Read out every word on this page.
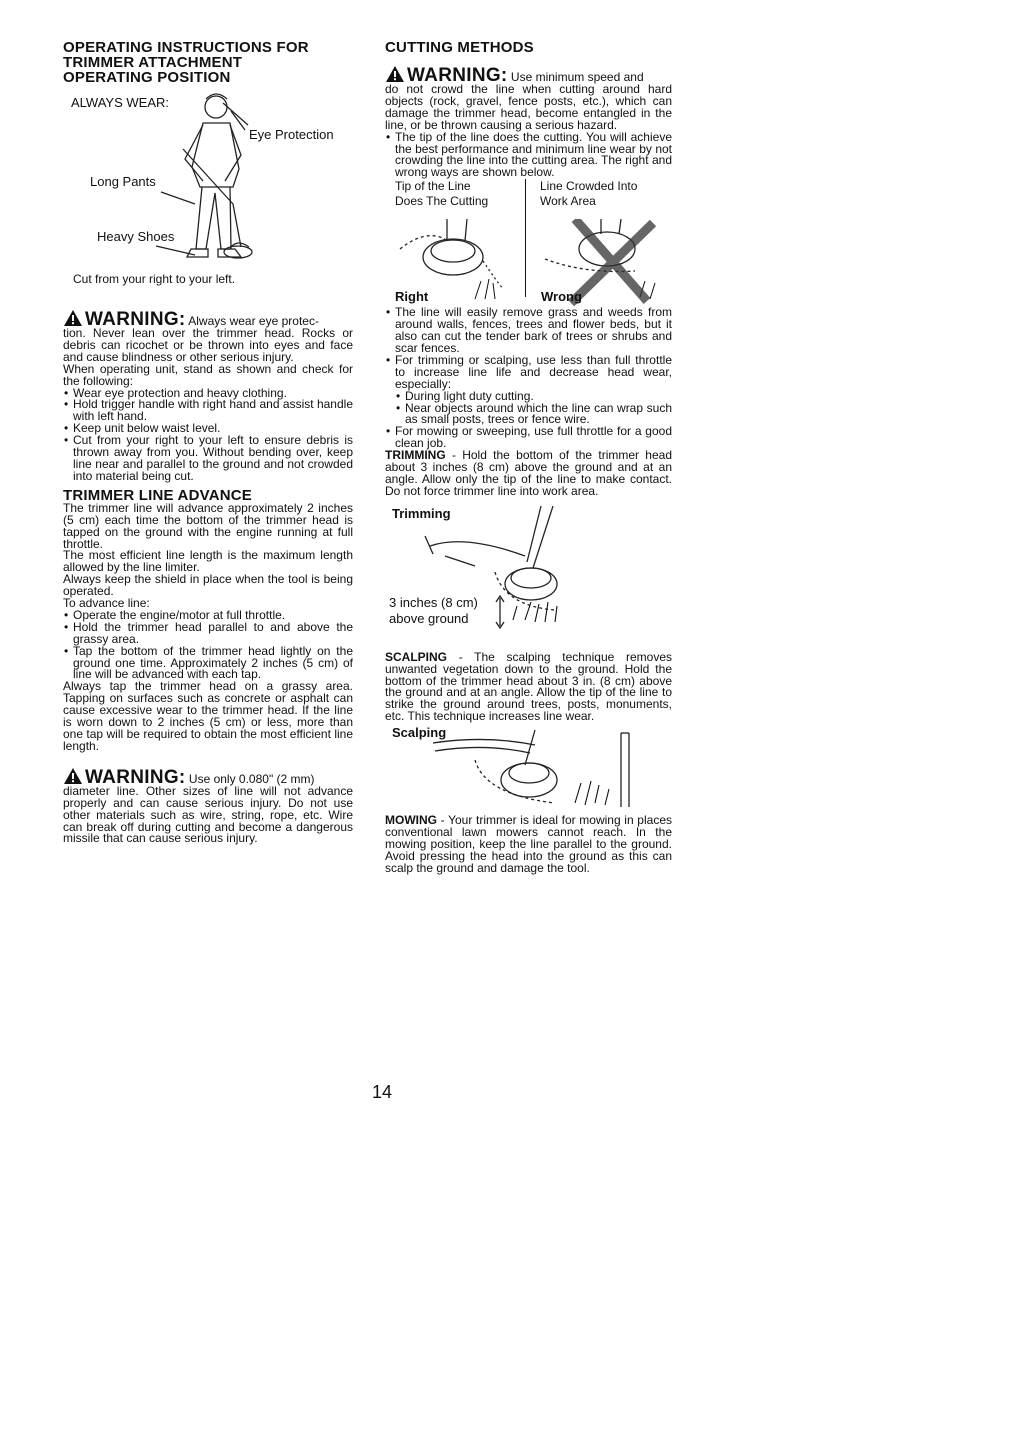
OPERATING INSTRUCTIONS FOR
TRIMMER ATTACHMENT
OPERATING POSITION
ALWAYS WEAR:
Eye Protection
Long Pants
Heavy Shoes
Cut from your right to your left.
WARNING: Always wear eye protec-

tion. Never lean over the trimmer head. Rocks or debris can ricochet or be thrown into eyes and face and cause blindness or other serious injury.

When operating unit, stand as shown and check for the following:

• Wear eye protection and heavy clothing.
• Hold trigger handle with right hand and assist handle with left hand.
• Keep unit below waist level.
• Cut from your right to your left to ensure debris is thrown away from you. Without bending over, keep line near and parallel to the ground and not crowded into material being cut.
TRIMMER LINE ADVANCE

The trimmer line will advance approximately 2 inches (5 cm) each time the bottom of the trimmer head is tapped on the ground with the engine running at full throttle.

The most efficient line length is the maximum length allowed by the line limiter.

Always keep the shield in place when the tool is being operated.

To advance line:

• Operate the engine/motor at full throttle.
• Hold the trimmer head parallel to and above the grassy area.
• Tap the bottom of the trimmer head lightly on the ground one time. Approximately 2 inches (5 cm) of line will be advanced with each tap.

Always tap the trimmer head on a grassy area. Tapping on surfaces such as concrete or asphalt can cause excessive wear to the trimmer head. If the line is worn down to 2 inches (5 cm) or less, more than one tap will be required to obtain the most efficient line length.

WARNING: Use only 0.080" (2 mm)

diameter line. Other sizes of line will not advance properly and can cause serious injury. Do not use other materials such as wire, string, rope, etc. Wire can break off during cutting and become a dangerous missile that can cause serious injury.

CUTTING METHODS
WARNING: Use minimum speed and

do not crowd the line when cutting around hard objects (rock, gravel, fence posts, etc.), which can damage the trimmer head, become entangled in the line, or be thrown causing a serious hazard.

• The tip of the line does the cutting. You will achieve the best performance and minimum line wear by not crowding the line into the cutting area. The right and wrong ways are shown below.
Tip of the Line
Does The Cutting
Line Crowded Into
Work Area
Right	Wrong
• The line will easily remove grass and weeds from around walls, fences, trees and flower beds, but it also can cut the tender bark of trees or shrubs and scar fences.
• For trimming or scalping, use less than full throttle to increase line life and decrease head wear, especially:
• During light duty cutting.
• Near objects around which the line can wrap such as small posts, trees or fence wire.
• For mowing or sweeping, use full throttle for a good clean job.

TRIMMING - Hold the bottom of the trimmer head about 3 inches (8 cm) above the ground and at an angle. Allow only the tip of the line to make contact. Do not force trimmer line into work area.

Trimming
3 inches (8 cm)
above ground

SCALPING - The scalping technique removes unwanted vegetation down to the ground. Hold the bottom of the trimmer head about 3 in. (8 cm) above the ground and at an angle. Allow the tip of the line to strike the ground around trees, posts, monuments, etc. This technique increases line wear.

Scalping

MOWING - Your trimmer is ideal for mowing in places conventional lawn mowers cannot reach. In the mowing position, keep the line parallel to the ground. Avoid pressing the head into the ground as this can scalp the ground and damage the tool.

14
